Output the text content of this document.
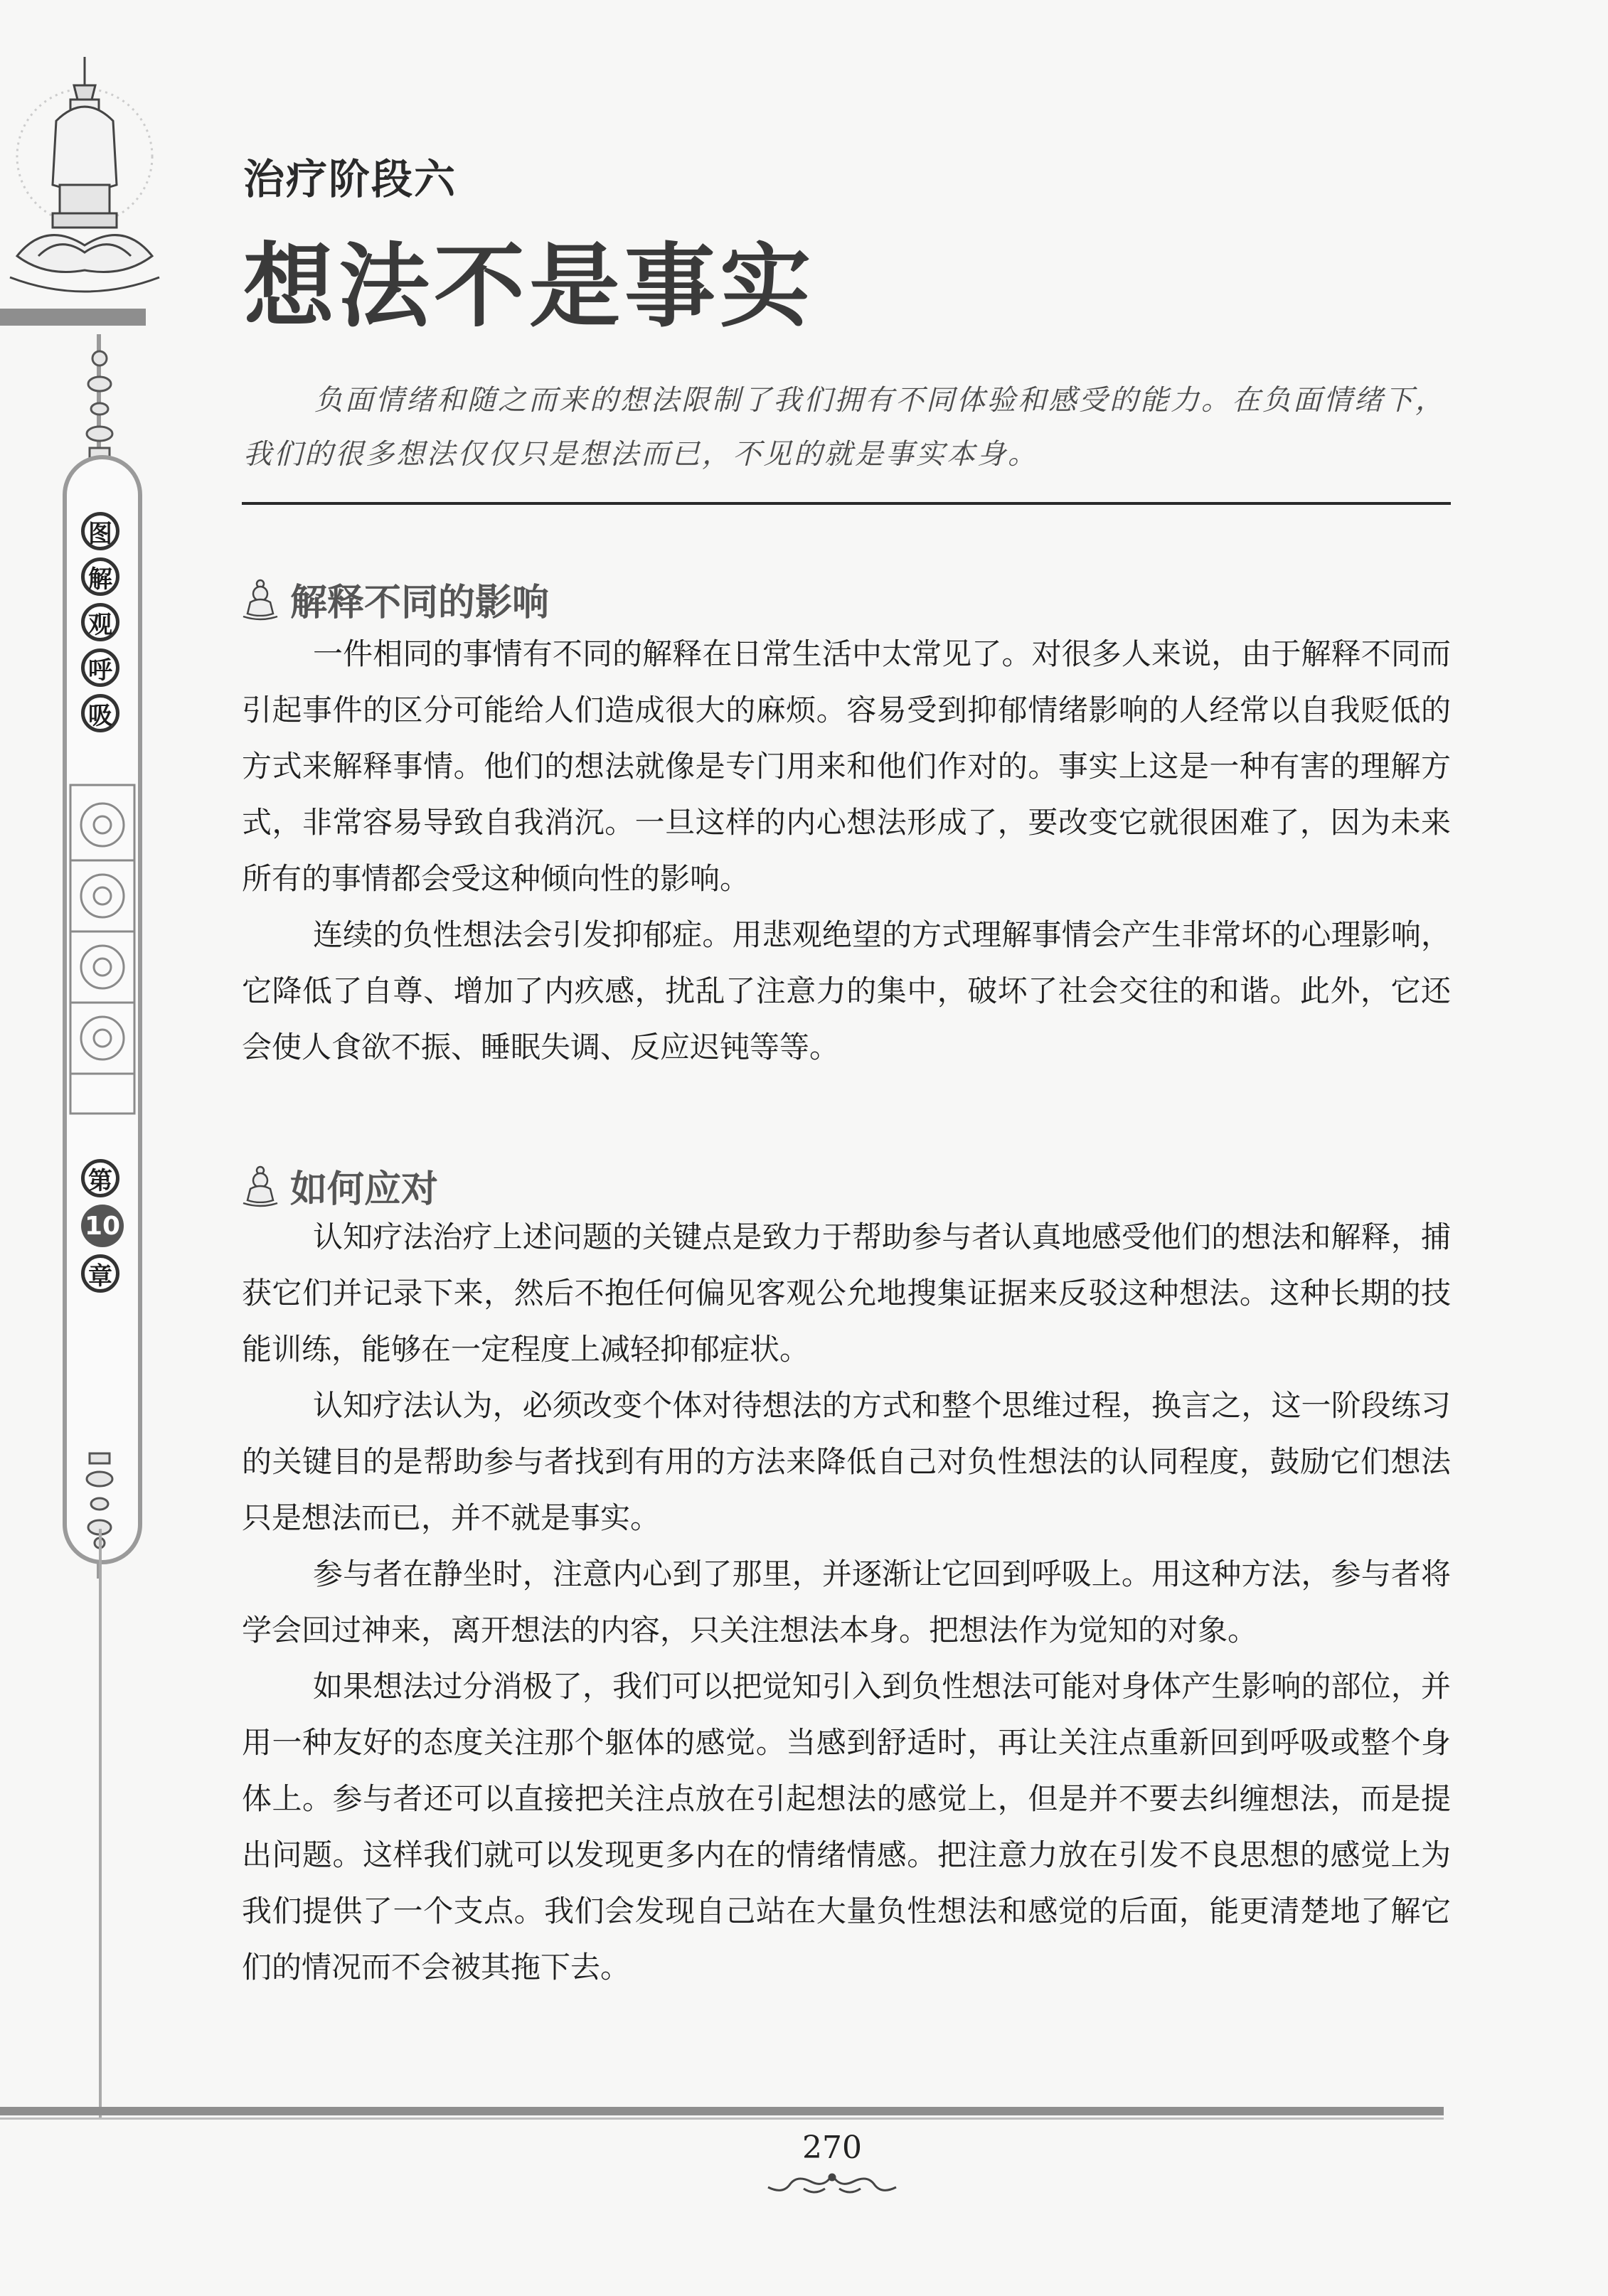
图
解
观
呼
吸
第
10
章
治疗阶段六
想法不是事实
负面情绪和随之而来的想法限制了我们拥有不同体验和感受的能力。在负面情绪下，我们的很多想法仅仅只是想法而已，不见的就是事实本身。
解释不同的影响

一件相同的事情有不同的解释在日常生活中太常见了。对很多人来说，由于解释不同而引起事件的区分可能给人们造成很大的麻烦。容易受到抑郁情绪影响的人经常以自我贬低的方式来解释事情。他们的想法就像是专门用来和他们作对的。事实上这是一种有害的理解方式，非常容易导致自我消沉。一旦这样的内心想法形成了，要改变它就很困难了，因为未来所有的事情都会受这种倾向性的影响。

连续的负性想法会引发抑郁症。用悲观绝望的方式理解事情会产生非常坏的心理影响，它降低了自尊、增加了内疚感，扰乱了注意力的集中，破坏了社会交往的和谐。此外，它还会使人食欲不振、睡眠失调、反应迟钝等等。

如何应对

认知疗法治疗上述问题的关键点是致力于帮助参与者认真地感受他们的想法和解释，捕获它们并记录下来，然后不抱任何偏见客观公允地搜集证据来反驳这种想法。这种长期的技能训练，能够在一定程度上减轻抑郁症状。

认知疗法认为，必须改变个体对待想法的方式和整个思维过程，换言之，这一阶段练习的关键目的是帮助参与者找到有用的方法来降低自己对负性想法的认同程度，鼓励它们想法只是想法而已，并不就是事实。

参与者在静坐时，注意内心到了那里，并逐渐让它回到呼吸上。用这种方法，参与者将学会回过神来，离开想法的内容，只关注想法本身。把想法作为觉知的对象。

如果想法过分消极了，我们可以把觉知引入到负性想法可能对身体产生影响的部位，并用一种友好的态度关注那个躯体的感觉。当感到舒适时，再让关注点重新回到呼吸或整个身体上。参与者还可以直接把关注点放在引起想法的感觉上，但是并不要去纠缠想法，而是提出问题。这样我们就可以发现更多内在的情绪情感。把注意力放在引发不良思想的感觉上为我们提供了一个支点。我们会发现自己站在大量负性想法和感觉的后面，能更清楚地了解它们的情况而不会被其拖下去。

270
